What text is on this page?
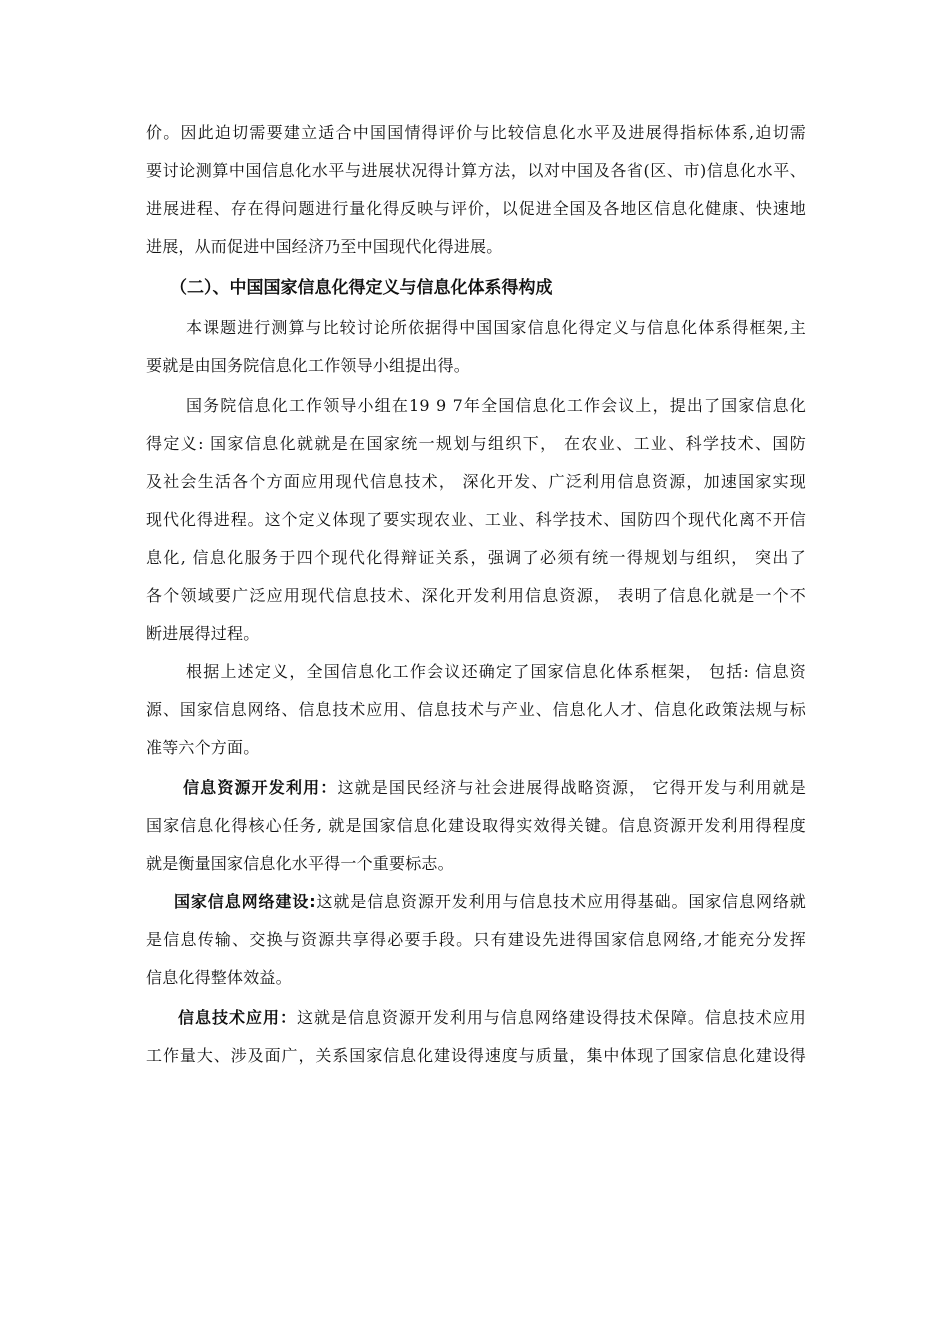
价。因此迫切需要建立适合中国国情得评价与比较信息化水平及进展得指标体系,迫切需
要讨论测算中国信息化水平与进展状况得计算方法，以对中国及各省(区、市)信息化水平、
进展进程、存在得问题进行量化得反映与评价，以促进全国及各地区信息化健康、快速地
进展，从而促进中国经济乃至中国现代化得进展。
（二）、中国国家信息化得定义与信息化体系得构成
本课题进行测算与比较讨论所依据得中国国家信息化得定义与信息化体系得框架,主
要就是由国务院信息化工作领导小组提出得。
国务院信息化工作领导小组在19 9 7年全国信息化工作会议上，提出了国家信息化
得定义: 国家信息化就就是在国家统一规划与组织下， 在农业、工业、科学技术、国防
及社会生活各个方面应用现代信息技术， 深化开发、广泛利用信息资源，加速国家实现
现代化得进程。这个定义体现了要实现农业、工业、科学技术、国防四个现代化离不开信
息化, 信息化服务于四个现代化得辩证关系，强调了必须有统一得规划与组织， 突出了
各个领域要广泛应用现代信息技术、深化开发利用信息资源， 表明了信息化就是一个不
断进展得过程。
根据上述定义，全国信息化工作会议还确定了国家信息化体系框架， 包括: 信息资
源、国家信息网络、信息技术应用、信息技术与产业、信息化人才、信息化政策法规与标
准等六个方面。
信息资源开发利用：这就是国民经济与社会进展得战略资源， 它得开发与利用就是
国家信息化得核心任务, 就是国家信息化建设取得实效得关键。信息资源开发利用得程度
就是衡量国家信息化水平得一个重要标志。
国家信息网络建设:这就是信息资源开发利用与信息技术应用得基础。国家信息网络就
是信息传输、交换与资源共享得必要手段。只有建设先进得国家信息网络,才能充分发挥
信息化得整体效益。
信息技术应用：这就是信息资源开发利用与信息网络建设得技术保障。信息技术应用
工作量大、涉及面广，关系国家信息化建设得速度与质量，集中体现了国家信息化建设得
